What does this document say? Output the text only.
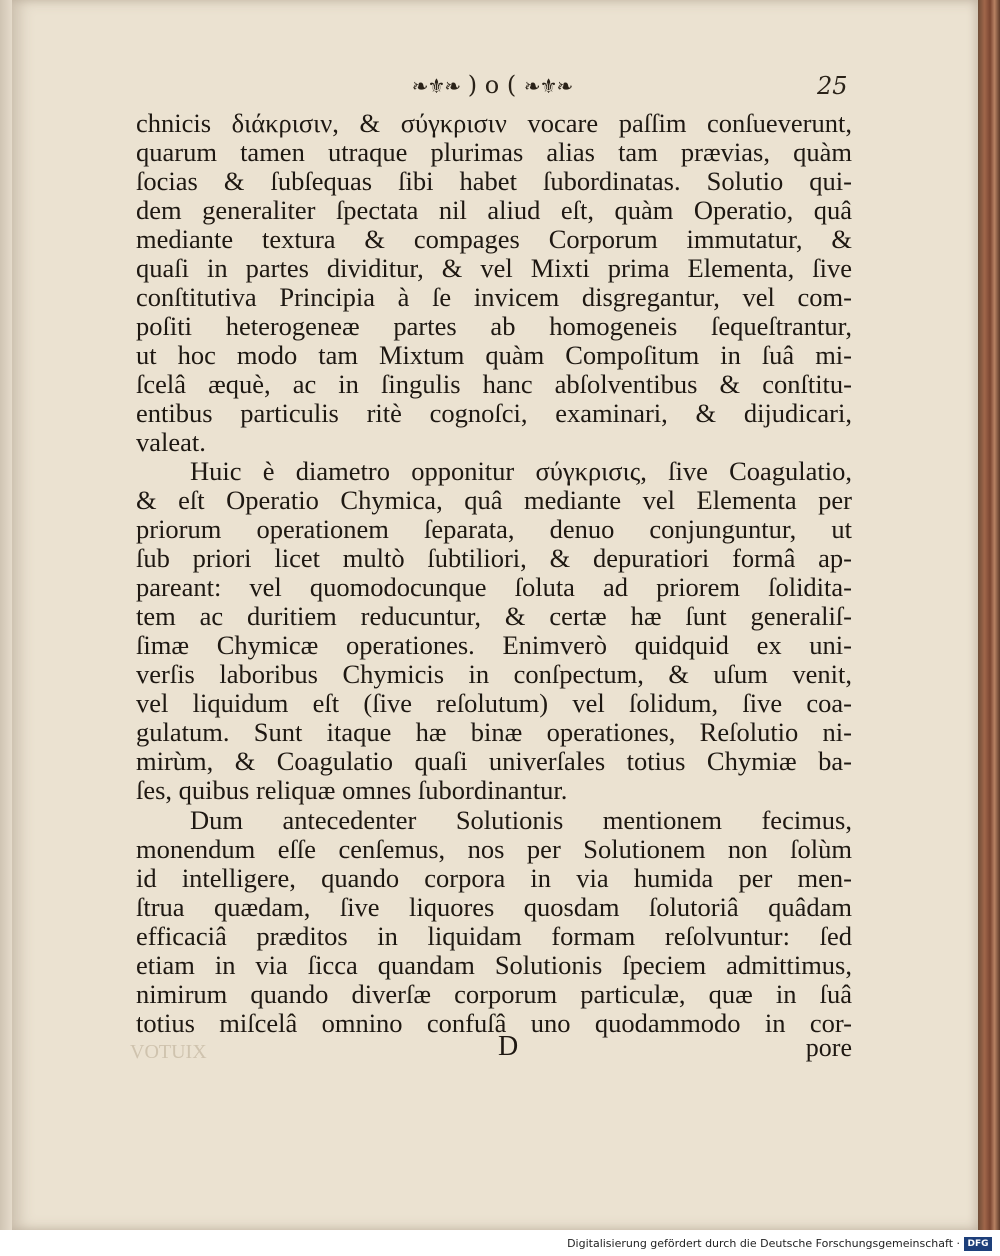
❧⚜❧ ) o ( ❧⚜❧	25
chnicis διάκρισιν, & σύγκρισιν vocare paſſim conſueverunt,
quarum tamen utraque plurimas alias tam prævias, quàm
ſocias & ſubſequas ſibi habet ſubordinatas. Solutio qui-
dem generaliter ſpectata nil aliud eſt, quàm Operatio, quâ
mediante textura & compages Corporum immutatur, &
quaſi in partes dividitur, & vel Mixti prima Elementa, ſive
conſtitutiva Principia à ſe invicem disgregantur, vel com-
poſiti heterogeneæ partes ab homogeneis ſequeſtrantur,
ut hoc modo tam Mixtum quàm Compoſitum in ſuâ mi-
ſcelâ æquè, ac in ſingulis hanc abſolventibus & conſtitu-
entibus particulis ritè cognoſci, examinari, & dijudicari,
valeat.
Huic è diametro opponitur σύγκρισις, ſive Coagulatio,
& eſt Operatio Chymica, quâ mediante vel Elementa per
priorum operationem ſeparata, denuo conjunguntur, ut
ſub priori licet multò ſubtiliori, & depuratiori formâ ap-
pareant: vel quomodocunque ſoluta ad priorem ſolidita-
tem ac duritiem reducuntur, & certæ hæ ſunt generaliſ-
ſimæ Chymicæ operationes. Enimverò quidquid ex uni-
verſis laboribus Chymicis in conſpectum, & uſum venit,
vel liquidum eſt (ſive reſolutum) vel ſolidum, ſive coa-
gulatum. Sunt itaque hæ binæ operationes, Reſolutio ni-
mirùm, & Coagulatio quaſi univerſales totius Chymiæ ba-
ſes, quibus reliquæ omnes ſubordinantur.
Dum antecedenter Solutionis mentionem fecimus,
monendum eſſe cenſemus, nos per Solutionem non ſolùm
id intelligere, quando corpora in via humida per men-
ſtrua quædam, ſive liquores quosdam ſolutoriâ quâdam
efficaciâ præditos in liquidam formam reſolvuntur: ſed
etiam in via ſicca quandam Solutionis ſpeciem admittimus,
nimirum quando diverſæ corporum particulæ, quæ in ſuâ
totius miſcelâ omnino confuſâ uno quodammodo in cor-
VOTUIX	D	pore
Digitalisierung gefördert durch die Deutsche Forschungsgemeinschaft · DFG
